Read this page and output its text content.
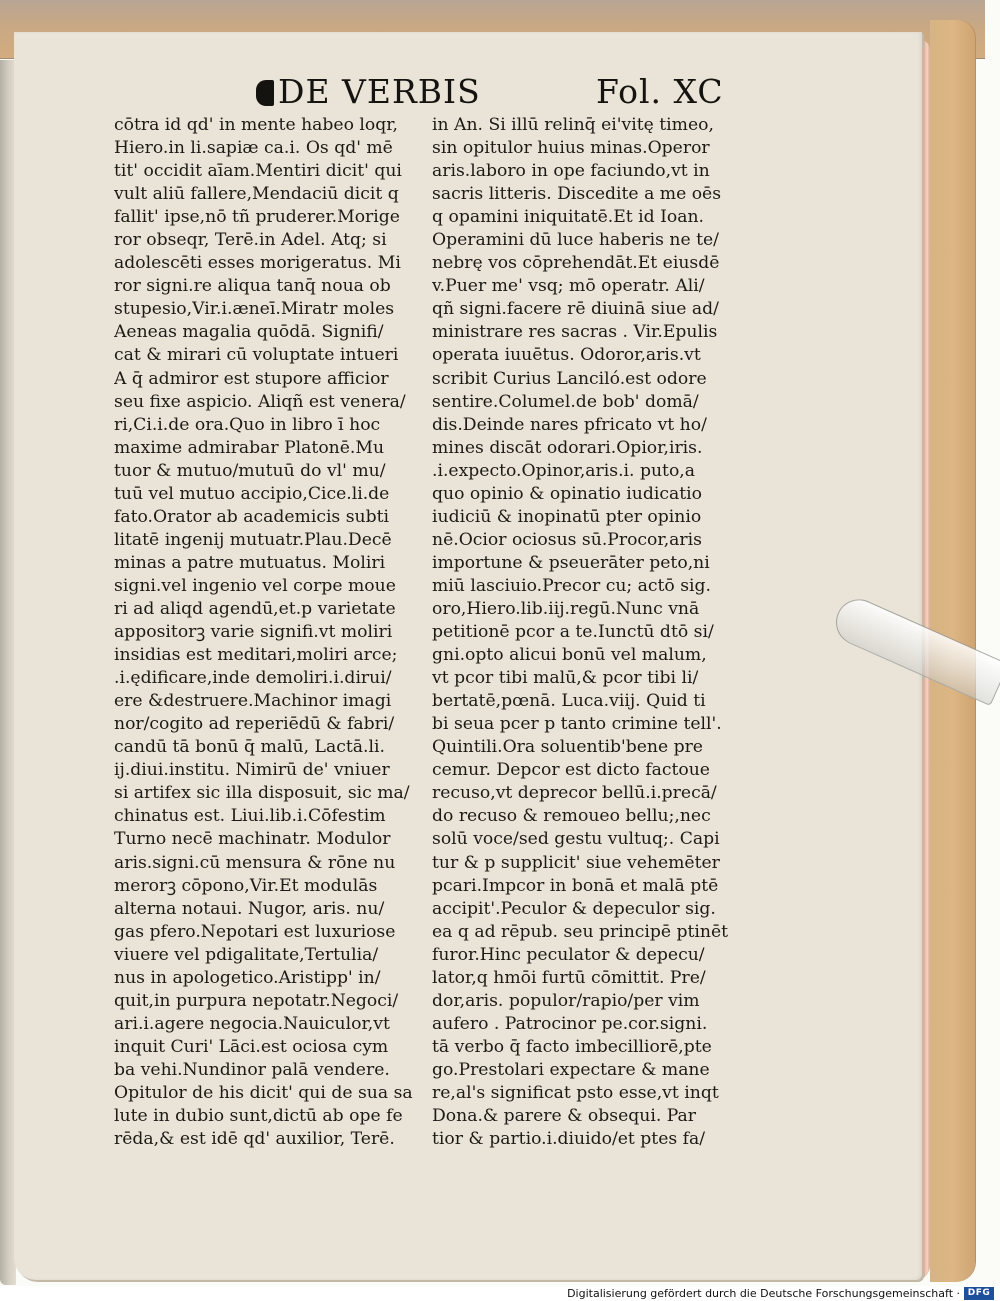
DE VERBIS	Fol. XC
cōtra id qd' in mente habeo loqr,
Hiero.in li.sapiæ ca.i. Os qd' mē
tit' occidit aīam.Mentiri dicit' qui
vult aliū fallere,Mendaciū dicit q
fallit' ipse,nō tñ pruderer.Morige
ror obseqr, Terē.in Adel. Atq; si
adolescēti esses morigeratus. Mi
ror signi.re aliqua tanq̄ noua ob
stupesio,Vir.i.æneī.Miratr moles
Aeneas magalia quōdā. Signifi/
cat & mirari cū voluptate intueri
A q̄ admiror est stupore afficior
seu fixe aspicio. Aliqñ est venera/
ri,Ci.i.de ora.Quo in libro ī hoc
maxime admirabar Platonē.Mu
tuor & mutuo/mutuū do vl' mu/
tuū vel mutuo accipio,Cice.li.de
fato.Orator ab academicis subti
litatē ingenij mutuatr.Plau.Decē
minas a patre mutuatus. Moliri
signi.vel ingenio vel corpe moue
ri ad aliqd agendū,et.p varietate
appositorꝫ varie signifi.vt moliri
insidias est meditari,moliri arce;
.i.ędificare,inde demoliri.i.dirui/
ere &destruere.Machinor imagi
nor/cogito ad reperiēdū & fabri/
candū tā bonū q̄ malū, Lactā.li.
ij.diui.institu. Nimirū de' vniuer
si artifex sic illa disposuit, sic ma/
chinatus est. Liui.lib.i.Cōfestim
Turno necē machinatr. Modulor
aris.signi.cū mensura & rōne nu
merorꝫ cōpono,Vir.Et modulās
alterna notaui. Nugor, aris. nu/
gas pfero.Nepotari est luxuriose
viuere vel pdigalitate,Tertulia/
nus in apologetico.Aristipp' in/
quit,in purpura nepotatr.Negoci/
ari.i.agere negocia.Nauiculor,vt
inquit Curi' Lāci.est ociosa cym
ba vehi.Nundinor palā vendere.
Opitulor de his dicit' qui de sua sa
lute in dubio sunt,dictū ab ope fe
rēda,& est idē qd' auxilior, Terē.
in An. Si illū relinq̄ ei'vitę timeo,
sin opitulor huius minas.Operor
aris.laboro in ope faciundo,vt in
sacris litteris. Discedite a me oēs
q opamini iniquitatē.Et id Ioan.
Operamini dū luce haberis ne te/
nebrę vos cōprehendāt.Et eiusdē
v.Puer me' vsq; mō operatr. Ali/
qñ signi.facere rē diuinā siue ad/
ministrare res sacras . Vir.Epulis
operata iuuētus. Odoror,aris.vt
scribit Curius Lanciló.est odore
sentire.Columel.de bob' domā/
dis.Deinde nares pfricato vt ho/
mines discāt odorari.Opior,iris.
.i.expecto.Opinor,aris.i. puto,a
quo opinio & opinatio iudicatio
iudiciū & inopinatū pter opinio
nē.Ocior ociosus sū.Procor,aris
importune & pseuerāter peto,ni
miū lasciuio.Precor cu; actō sig.
oro,Hiero.lib.iij.regū.Nunc vnā
petitionē pcor a te.Iunctū dtō si/
gni.opto alicui bonū vel malum,
vt pcor tibi malū,& pcor tibi li/
bertatē,pœnā. Luca.viij. Quid ti
bi seua pcer p tanto crimine tell'.
Quintili.Ora soluentib'bene pre
cemur. Depcor est dicto factoue
recuso,vt deprecor bellū.i.precā/
do recuso & remoueo bellu;,nec
solū voce/sed gestu vultuq;. Capi
tur & p supplicit' siue vehemēter
pcari.Impcor in bonā et malā ptē
accipit'.Peculor & depeculor sig.
ea q ad rēpub. seu principē ptinēt
furor.Hinc peculator & depecu/
lator,q hmōi furtū cōmittit. Pre/
dor,aris. populor/rapio/per vim
aufero . Patrocinor pe.cor.signi.
tā verbo q̄ facto imbecilliorē,pte
go.Prestolari expectare & mane
re,al's significat psto esse,vt inqt
Dona.& parere & obsequi. Par
tior & partio.i.diuido/et ptes fa/
Digitalisierung gefördert durch die Deutsche Forschungsgemeinschaft · DFG
